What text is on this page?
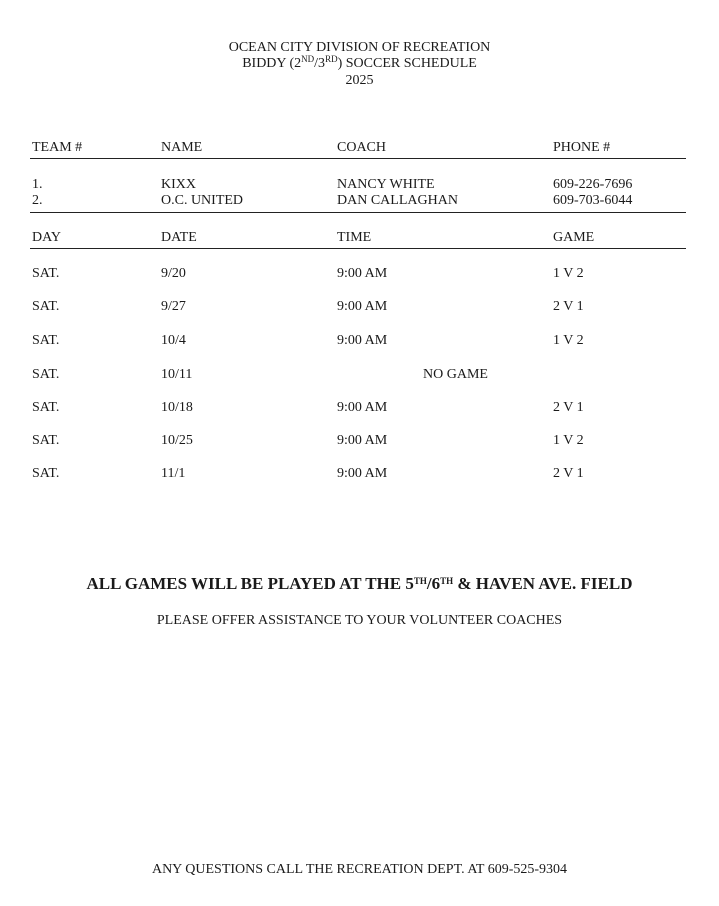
OCEAN CITY DIVISION OF RECREATION
BIDDY (2ND/3RD) SOCCER SCHEDULE
2025
TEAM #	NAME	COACH	PHONE #
1.	KIXX	NANCY WHITE	609-226-7696
2.	O.C. UNITED	DAN CALLAGHAN	609-703-6044
DAY	DATE	TIME	GAME
SAT.	9/20	9:00 AM	1 V 2
SAT.	9/27	9:00 AM	2 V 1
SAT.	10/4	9:00 AM	1 V 2
SAT.	10/11	NO GAME
SAT.	10/18	9:00 AM	2 V 1
SAT.	10/25	9:00 AM	1 V 2
SAT.	11/1	9:00 AM	2 V 1
ALL GAMES WILL BE PLAYED AT THE 5TH/6TH & HAVEN AVE. FIELD
PLEASE OFFER ASSISTANCE TO YOUR VOLUNTEER COACHES
ANY QUESTIONS CALL THE RECREATION DEPT. AT 609-525-9304
